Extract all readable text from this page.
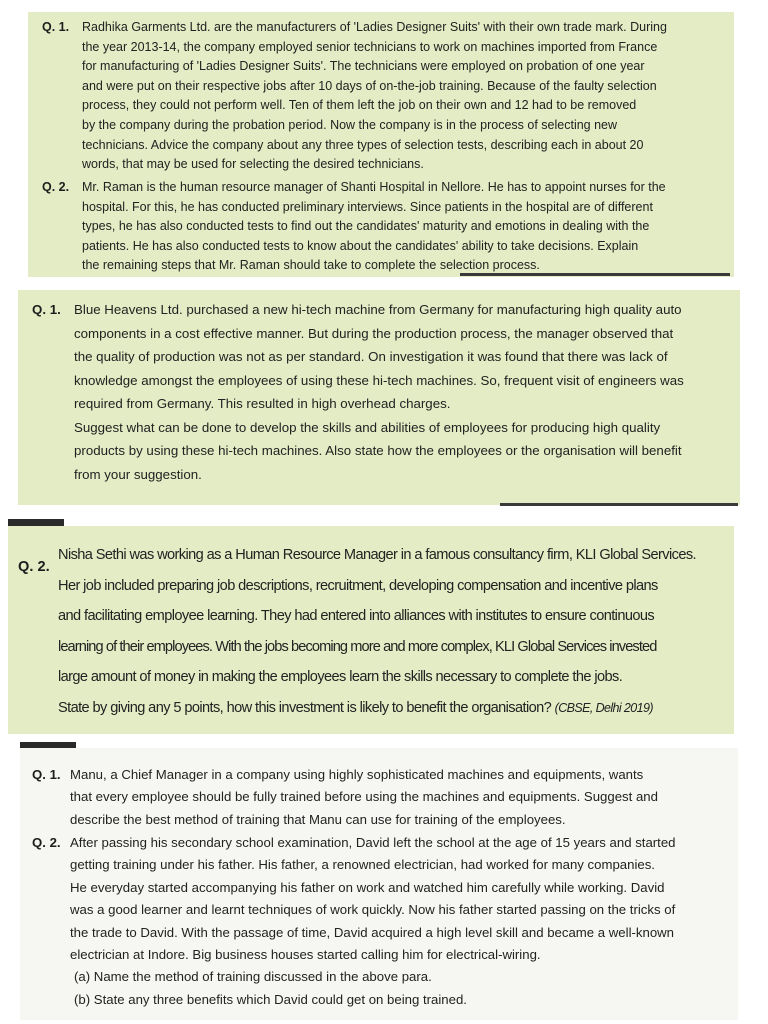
Q. 1. Radhika Garments Ltd. are the manufacturers of 'Ladies Designer Suits' with their own trade mark. During
the year 2013-14, the company employed senior technicians to work on machines imported from France
for manufacturing of 'Ladies Designer Suits'. The technicians were employed on probation of one year
and were put on their respective jobs after 10 days of on-the-job training. Because of the faulty selection
process, they could not perform well. Ten of them left the job on their own and 12 had to be removed
by the company during the probation period. Now the company is in the process of selecting new
technicians. Advice the company about any three types of selection tests, describing each in about 20
words, that may be used for selecting the desired technicians.
Q. 2. Mr. Raman is the human resource manager of Shanti Hospital in Nellore. He has to appoint nurses for the
hospital. For this, he has conducted preliminary interviews. Since patients in the hospital are of different
types, he has also conducted tests to find out the candidates' maturity and emotions in dealing with the
patients. He has also conducted tests to know about the candidates' ability to take decisions. Explain
the remaining steps that Mr. Raman should take to complete the selection process.
Q. 1. Blue Heavens Ltd. purchased a new hi-tech machine from Germany for manufacturing high quality auto
components in a cost effective manner. But during the production process, the manager observed that
the quality of production was not as per standard. On investigation it was found that there was lack of
knowledge amongst the employees of using these hi-tech machines. So, frequent visit of engineers was
required from Germany. This resulted in high overhead charges.
Suggest what can be done to develop the skills and abilities of employees for producing high quality
products by using these hi-tech machines. Also state how the employees or the organisation will benefit
from your suggestion.
Q. 2.
Nisha Sethi was working as a Human Resource Manager in a famous consultancy firm, KLI Global Services.
Her job included preparing job descriptions, recruitment, developing compensation and incentive plans
and facilitating employee learning. They had entered into alliances with institutes to ensure continuous
learning of their employees. With the jobs becoming more and more complex, KLI Global Services invested
large amount of money in making the employees learn the skills necessary to complete the jobs.
State by giving any 5 points, how this investment is likely to benefit the organisation? (CBSE, Delhi 2019)
Q. 1. Manu, a Chief Manager in a company using highly sophisticated machines and equipments, wants
that every employee should be fully trained before using the machines and equipments. Suggest and
describe the best method of training that Manu can use for training of the employees.
Q. 2. After passing his secondary school examination, David left the school at the age of 15 years and started
getting training under his father. His father, a renowned electrician, had worked for many companies.
He everyday started accompanying his father on work and watched him carefully while working. David
was a good learner and learnt techniques of work quickly. Now his father started passing on the tricks of
the trade to David. With the passage of time, David acquired a high level skill and became a well-known
electrician at Indore. Big business houses started calling him for electrical-wiring.
(a) Name the method of training discussed in the above para.
(b) State any three benefits which David could get on being trained.
